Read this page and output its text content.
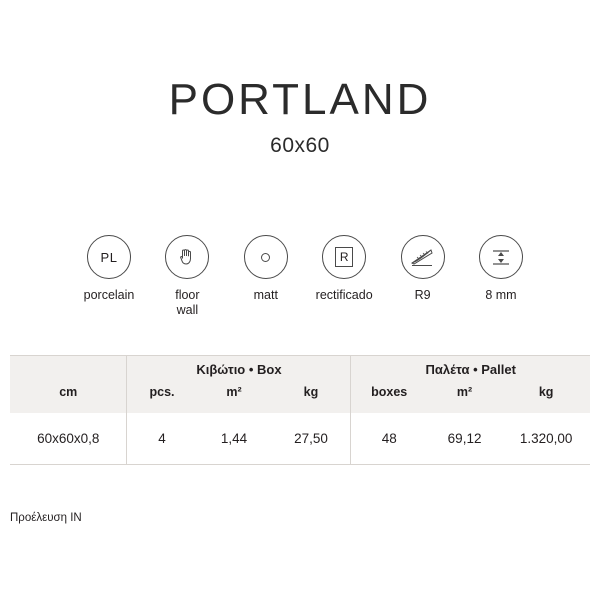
PORTLAND
60x60
PL
porcelain	floor
wall
matt
R
rectificado	R9	8 mm
	Κιβώτιο • Box			Παλέτα • Pallet		
cm	pcs.	m²	kg	boxes	m²	kg
60x60x0,8	4	1,44	27,50	48	69,12	1.320,00
Προέλευση ΙΝ
